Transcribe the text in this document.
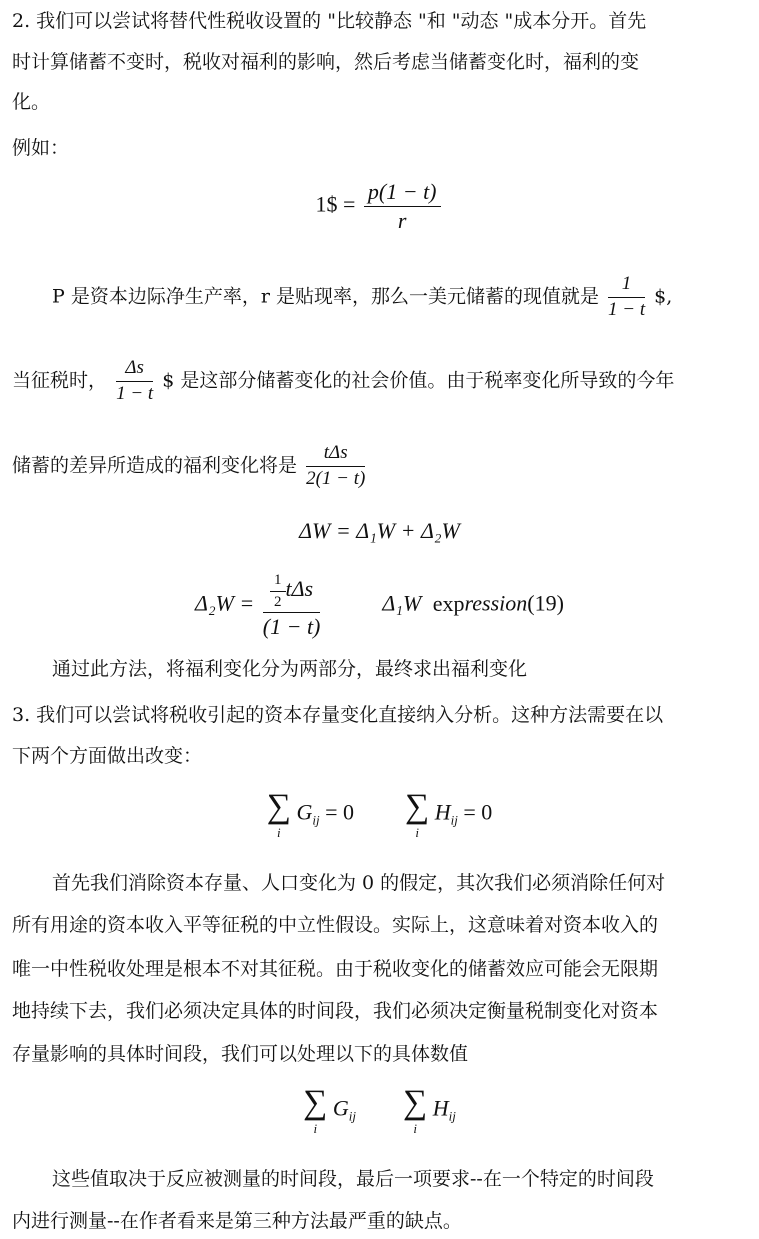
2. 我们可以尝试将替代性税收设置的 "比较静态 "和 "动态 "成本分开。首先
时计算储蓄不变时，税收对福利的影响，然后考虑当储蓄变化时，福利的变
化。
例如：
1$ = $\frac{p(1 - t)}{r}$
P 是资本边际净生产率，r 是贴现率，那么一美元储蓄的现值就是 $\frac{1}{1 - t}$ $,
当征税时， $\frac{\Delta s}{1 - t}$ $ 是这部分储蓄变化的社会价值。由于税率变化所导致的今年
储蓄的差异所造成的福利变化将是 $\frac{\text{tΔs}}{2(1 - t)}$
ΔW = Δ₁W + Δ₂W
$\Delta_2W = \frac{\frac{1}{2} t\Delta s}{(1 - t)}$	Δ₁W expression(19)
通过此方法，将福利变化分为两部分，最终求出福利变化
3. 我们可以尝试将税收引起的资本存量变化直接纳入分析。这种方法需要在以
下两个方面做出改变：
∑
i
$G_{ij} = 0$ ∑
i
$H_{ij} = 0$
首先我们消除资本存量、人口变化为 0 的假定，其次我们必须消除任何对
所有用途的资本收入平等征税的中立性假设。实际上，这意味着对资本收入的
唯一中性税收处理是根本不对其征税。由于税收变化的储蓄效应可能会无限期
地持续下去，我们必须决定具体的时间段，我们必须决定衡量税制变化对资本
存量影响的具体时间段，我们可以处理以下的具体数值
∑
i
$G_{ij}$ ∑
i
$H_{ij}$
这些值取决于反应被测量的时间段，最后一项要求--在一个特定的时间段
内进行测量--在作者看来是第三种方法最严重的缺点。
